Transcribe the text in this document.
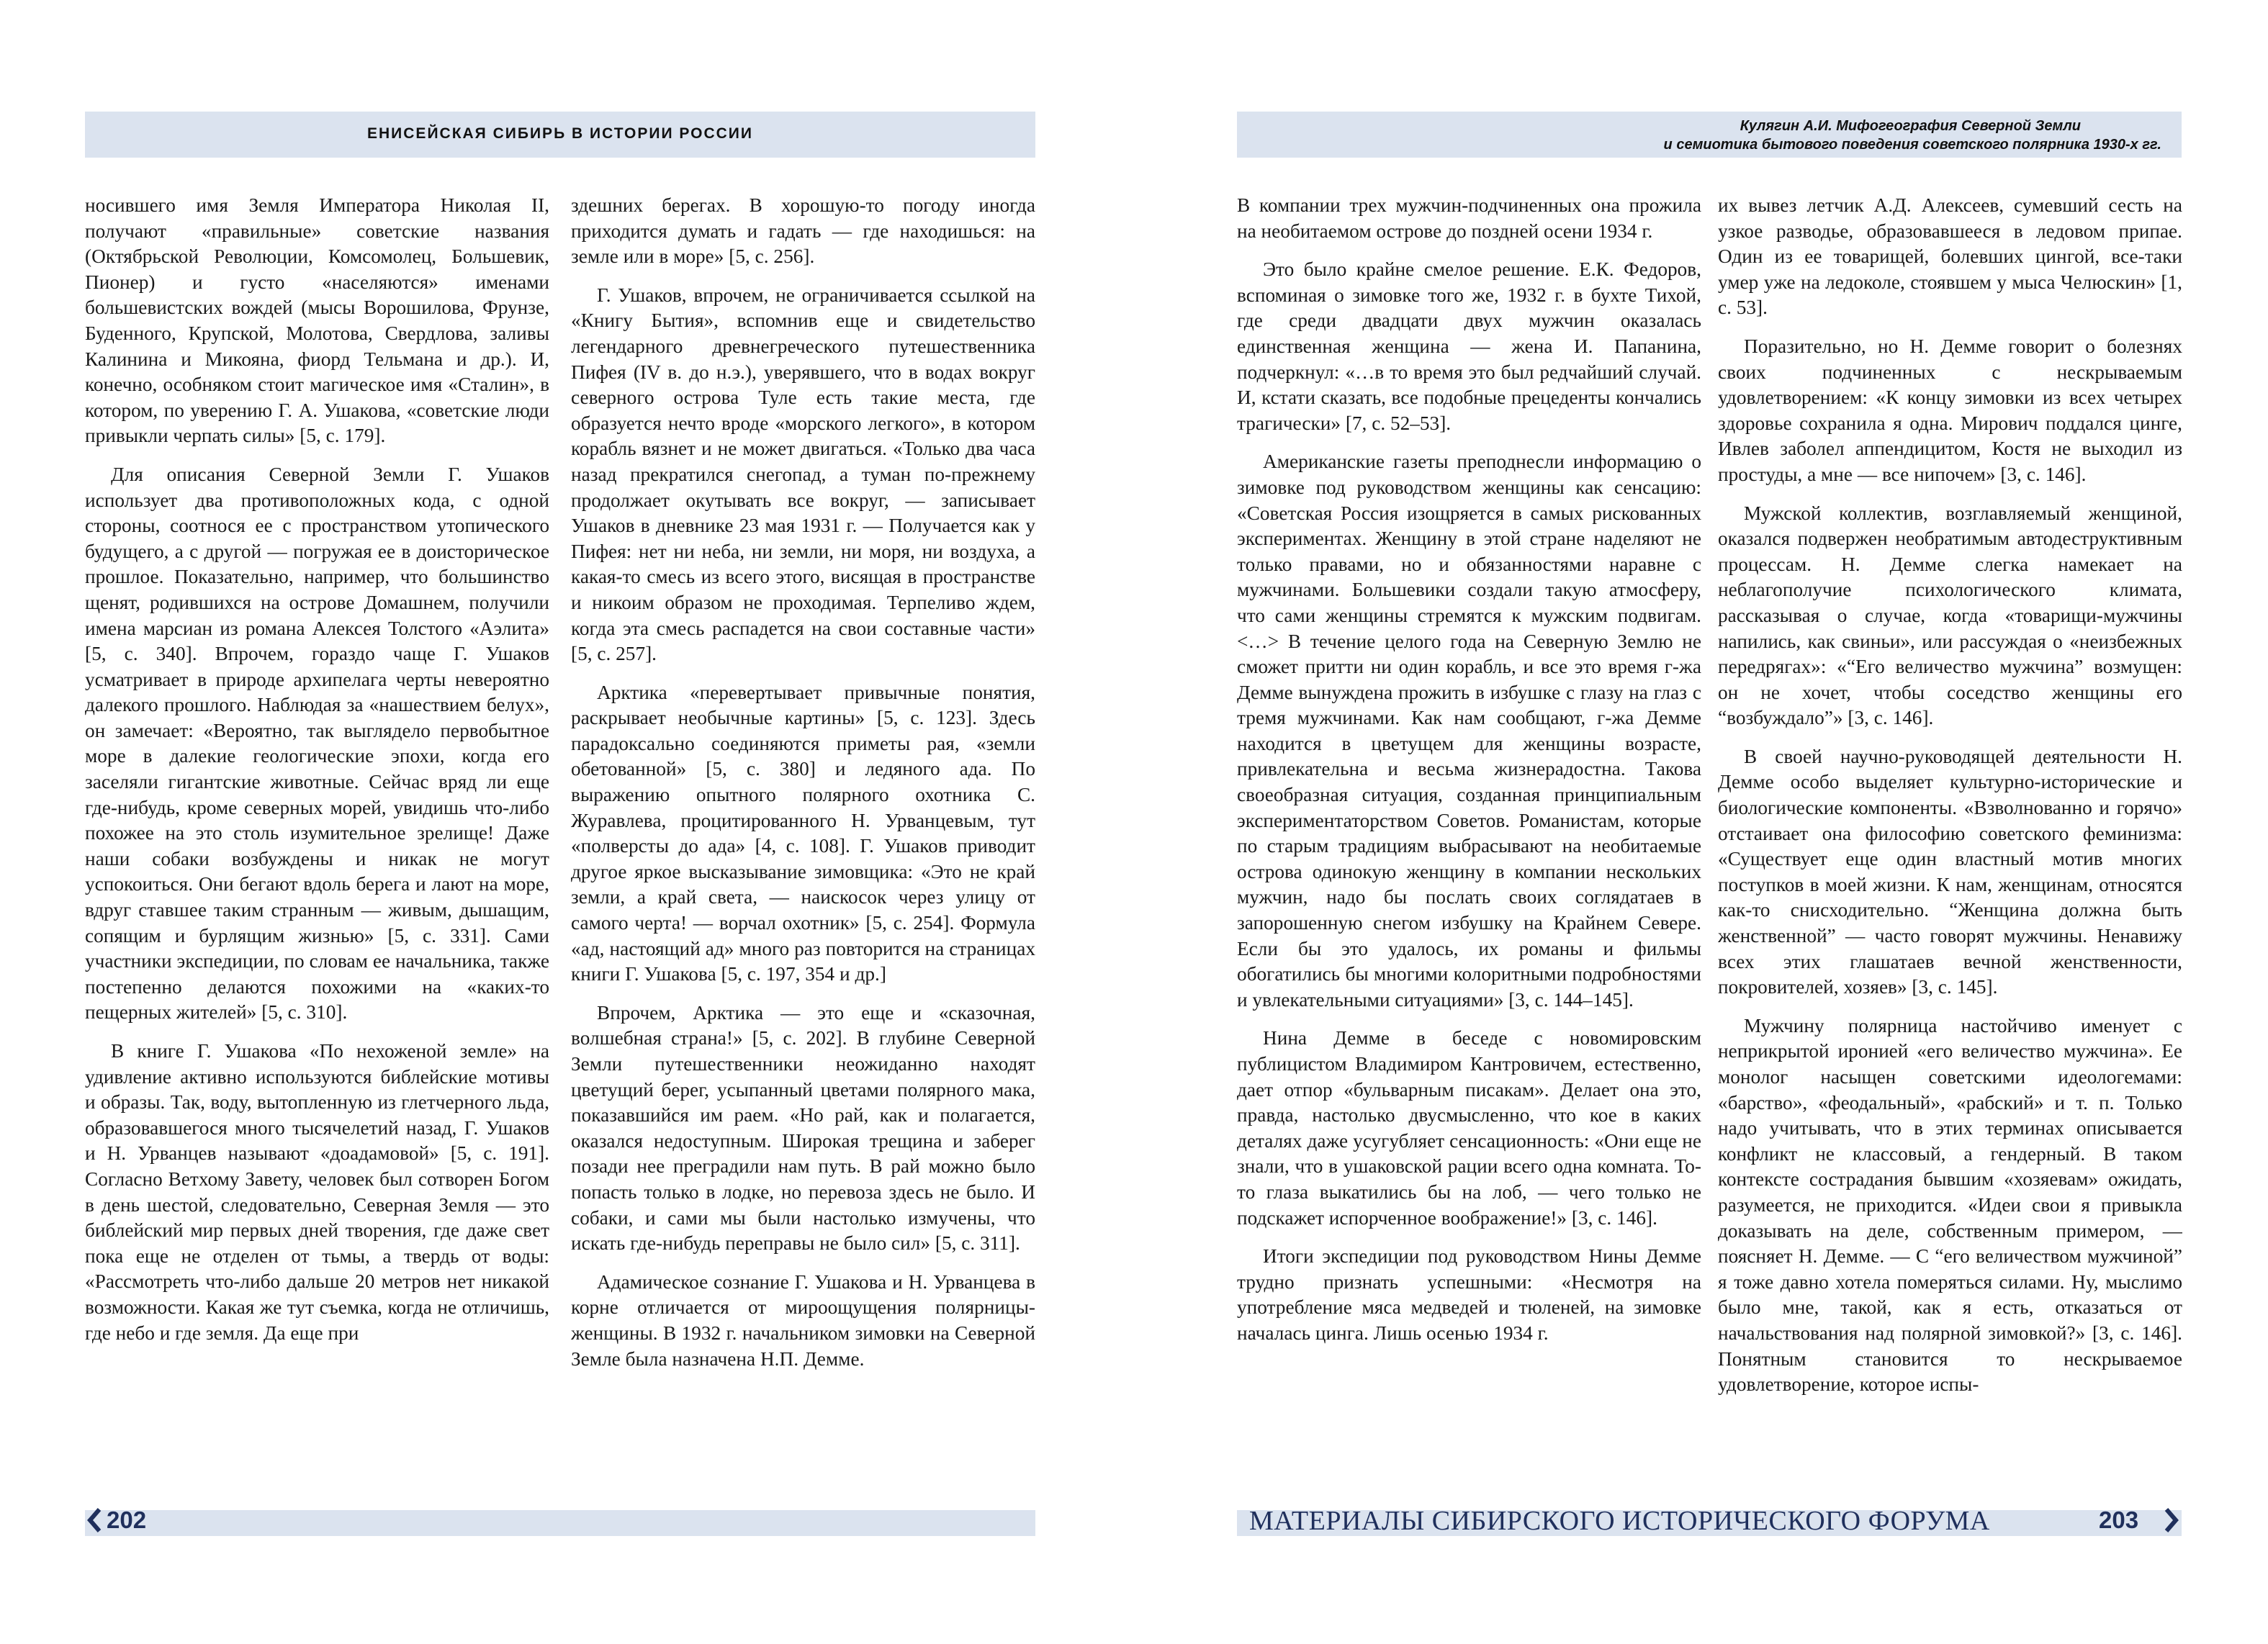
ЕНИСЕЙСКАЯ СИБИРЬ В ИСТОРИИ РОССИИ

носившего имя Земля Императора Николая II, получают «правильные» советские названия (Октябрьской Революции, Комсомолец, Большевик, Пионер) и густо «населяются» именами большевистских вождей (мысы Ворошилова, Фрунзе, Буденного, Крупской, Молотова, Свердлова, заливы Калинина и Микояна, фиорд Тельмана и др.). И, конечно, особняком стоит магическое имя «Сталин», в котором, по уверению Г. А. Ушакова, «советские люди привыкли черпать силы» [5, с. 179].

Для описания Северной Земли Г. Ушаков использует два противоположных кода, с одной стороны, соотнося ее с пространством утопического будущего, а с другой — погружая ее в доисторическое прошлое. Показательно, например, что большинство щенят, родившихся на острове Домашнем, получили имена марсиан из романа Алексея Толстого «Аэлита» [5, с. 340]. Впрочем, гораздо чаще Г. Ушаков усматривает в природе архипелага черты невероятно далекого прошлого. Наблюдая за «нашествием белух», он замечает: «Вероятно, так выглядело первобытное море в далекие геологические эпохи, когда его заселяли гигантские животные. Сейчас вряд ли еще где-нибудь, кроме северных морей, увидишь что-либо похожее на это столь изумительное зрелище! Даже наши собаки возбуждены и никак не могут успокоиться. Они бегают вдоль берега и лают на море, вдруг ставшее таким странным — живым, дышащим, сопящим и бурлящим жизнью» [5, с. 331]. Сами участники экспедиции, по словам ее начальника, также постепенно делаются похожими на «каких-то пещерных жителей» [5, с. 310].

В книге Г. Ушакова «По нехоженой земле» на удивление активно используются библейские мотивы и образы. Так, воду, вытопленную из глетчерного льда, образовавшегося много тысячелетий назад, Г. Ушаков и Н. Урванцев называют «доадамовой» [5, с. 191]. Согласно Ветхому Завету, человек был сотворен Богом в день шестой, следовательно, Северная Земля — это библейский мир первых дней творения, где даже свет пока еще не отделен от тьмы, а твердь от воды: «Рассмотреть что-либо дальше 20 метров нет никакой возможности. Какая же тут съемка, когда не отличишь, где небо и где земля. Да еще при

здешних берегах. В хорошую-то погоду иногда приходится думать и гадать — где находишься: на земле или в море» [5, с. 256].

Г. Ушаков, впрочем, не ограничивается ссылкой на «Книгу Бытия», вспомнив еще и свидетельство легендарного древнегреческого путешественника Пифея (IV в. до н.э.), уверявшего, что в водах вокруг северного острова Туле есть такие места, где образуется нечто вроде «морского легкого», в котором корабль вязнет и не может двигаться. «Только два часа назад прекратился снегопад, а туман по-прежнему продолжает окутывать все вокруг, — записывает Ушаков в дневнике 23 мая 1931 г. — Получается как у Пифея: нет ни неба, ни земли, ни моря, ни воздуха, а какая-то смесь из всего этого, висящая в пространстве и никоим образом не проходимая. Терпеливо ждем, когда эта смесь распадется на свои составные части» [5, с. 257].

Арктика «перевертывает привычные понятия, раскрывает необычные картины» [5, с. 123]. Здесь парадоксально соединяются приметы рая, «земли обетованной» [5, с. 380] и ледяного ада. По выражению опытного полярного охотника С. Журавлева, процитированного Н. Урванцевым, тут «полверсты до ада» [4, с. 108]. Г. Ушаков приводит другое яркое высказывание зимовщика: «Это не край земли, а край света, — наискосок через улицу от самого черта! — ворчал охотник» [5, с. 254]. Формула «ад, настоящий ад» много раз повторится на страницах книги Г. Ушакова [5, с. 197, 354 и др.]

Впрочем, Арктика — это еще и «сказочная, волшебная страна!» [5, с. 202]. В глубине Северной Земли путешественники неожиданно находят цветущий берег, усыпанный цветами полярного мака, показавшийся им раем. «Но рай, как и полагается, оказался недоступным. Широкая трещина и заберег позади нее преградили нам путь. В рай можно было попасть только в лодке, но перевоза здесь не было. И собаки, и сами мы были настолько измучены, что искать где-нибудь переправы не было сил» [5, с. 311].

Адамическое сознание Г. Ушакова и Н. Урванцева в корне отличается от мироощущения полярницы-женщины. В 1932 г. начальником зимовки на Северной Земле была назначена Н.П. Демме.

202
Кулягин А.И. Мифогеография Северной Земли
и семиотика бытового поведения советского полярника 1930-х гг.

В компании трех мужчин-подчиненных она прожила на необитаемом острове до поздней осени 1934 г.

Это было крайне смелое решение. Е.К. Федоров, вспоминая о зимовке того же, 1932 г. в бухте Тихой, где среди двадцати двух мужчин оказалась единственная женщина — жена И. Папанина, подчеркнул: «…в то время это был редчайший случай. И, кстати сказать, все подобные прецеденты кончались трагически» [7, с. 52–53].

Американские газеты преподнесли информацию о зимовке под руководством женщины как сенсацию: «Советская Россия изощряется в самых рискованных экспериментах. Женщину в этой стране наделяют не только правами, но и обязанностями наравне с мужчинами. Большевики создали такую атмосферу, что сами женщины стремятся к мужским подвигам. <…> В течение целого года на Северную Землю не сможет притти ни один корабль, и все это время г-жа Демме вынуждена прожить в избушке с глазу на глаз с тремя мужчинами. Как нам сообщают, г-жа Демме находится в цветущем для женщины возрасте, привлекательна и весьма жизнерадостна. Такова своеобразная ситуация, созданная принципиальным экспериментаторством Советов. Романистам, которые по старым традициям выбрасывают на необитаемые острова одинокую женщину в компании нескольких мужчин, надо бы послать своих соглядатаев в запорошенную снегом избушку на Крайнем Севере. Если бы это удалось, их романы и фильмы обогатились бы многими колоритными подробностями и увлекательными ситуациями» [3, с. 144–145].

Нина Демме в беседе с новомировским публицистом Владимиром Кантровичем, естественно, дает отпор «бульварным писакам». Делает она это, правда, настолько двусмысленно, что кое в каких деталях даже усугубляет сенсационность: «Они еще не знали, что в ушаковской рации всего одна комната. То-то глаза выкатились бы на лоб, — чего только не подскажет испорченное воображение!» [3, с. 146].

Итоги экспедиции под руководством Нины Демме трудно признать успешными: «Несмотря на употребление мяса медведей и тюленей, на зимовке началась цинга. Лишь осенью 1934 г.

их вывез летчик А.Д. Алексеев, сумевший сесть на узкое разводье, образовавшееся в ледовом припае. Один из ее товарищей, болевших цингой, все-таки умер уже на ледоколе, стоявшем у мыса Челюскин» [1, с. 53].

Поразительно, но Н. Демме говорит о болезнях своих подчиненных с нескрываемым удовлетворением: «К концу зимовки из всех четырех здоровье сохранила я одна. Мирович поддался цинге, Ивлев заболел аппендицитом, Костя не выходил из простуды, а мне — все нипочем» [3, с. 146].

Мужской коллектив, возглавляемый женщиной, оказался подвержен необратимым автодеструктивным процессам. Н. Демме слегка намекает на неблагополучие психологического климата, рассказывая о случае, когда «товарищи-мужчины напились, как свиньи», или рассуждая о «неизбежных передрягах»: «“Его величество мужчина” возмущен: он не хочет, чтобы соседство женщины его “возбуждало”» [3, с. 146].

В своей научно-руководящей деятельности Н. Демме особо выделяет культурно-исторические и биологические компоненты. «Взволнованно и горячо» отстаивает она философию советского феминизма: «Существует еще один властный мотив многих поступков в моей жизни. К нам, женщинам, относятся как-то снисходительно. “Женщина должна быть женственной” — часто говорят мужчины. Ненавижу всех этих глашатаев вечной женственности, покровителей, хозяев» [3, с. 145].

Мужчину полярница настойчиво именует с неприкрытой иронией «его величество мужчина». Ее монолог насыщен советскими идеологемами: «барство», «феодальный», «рабский» и т. п. Только надо учитывать, что в этих терминах описывается конфликт не классовый, а гендерный. В таком контексте сострадания бывшим «хозяевам» ожидать, разумеется, не приходится. «Идеи свои я привыкла доказывать на деле, собственным примером, — поясняет Н. Демме. — С “его величеством мужчиной” я тоже давно хотела померяться силами. Ну, мыслимо было мне, такой, как я есть, отказаться от начальствования над полярной зимовкой?» [3, с. 146]. Понятным становится то нескрываемое удовлетворение, которое испы-

МАТЕРИАЛЫ СИБИРСКОГО ИСТОРИЧЕСКОГО ФОРУМА	203
